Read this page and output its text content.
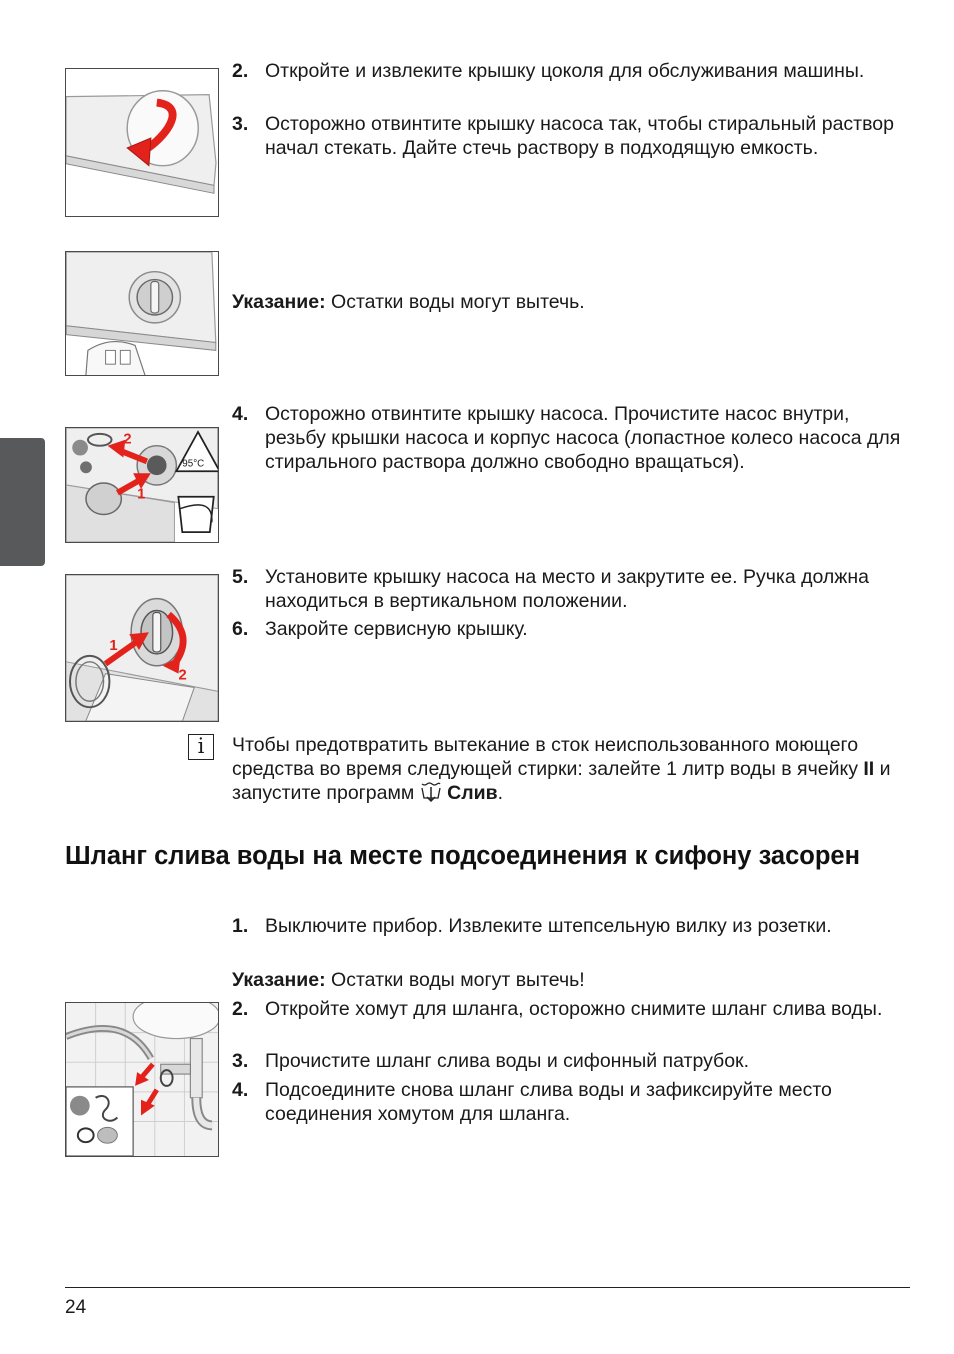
2. Откройте и извлеките крышку цоколя для обслуживания машины.
3. Осторожно отвинтите крышку насоса так, чтобы стиральный раствор начал стекать. Дайте стечь раствору в подходящую емкость.
Указание: Остатки воды могут вытечь.
2
1
95°C
4. Осторожно отвинтите крышку насоса. Прочистите насос внутри, резьбу крышки насоса и корпус насоса (лопастное колесо насоса для стирального раствора должно свободно вращаться).
1
2
5. Установите крышку насоса на место и закрутите ее. Ручка должна находиться в вертикальном положении.
6. Закройте сервисную крышку.
i	Чтобы предотвратить вытекание в сток неиспользованного моющего средства во время следующей стирки: залейте 1 литр воды в ячейку II и запустите программ  Слив.
Шланг слива воды на месте подсоединения к сифону засорен
1. Выключите прибор. Извлеките штепсельную вилку из розетки.
Указание: Остатки воды могут вытечь!
2. Откройте хомут для шланга, осторожно снимите шланг слива воды.
3. Прочистите шланг слива воды и сифонный патрубок.
4. Подсоедините снова шланг слива воды и зафиксируйте место соединения хомутом для шланга.
24
